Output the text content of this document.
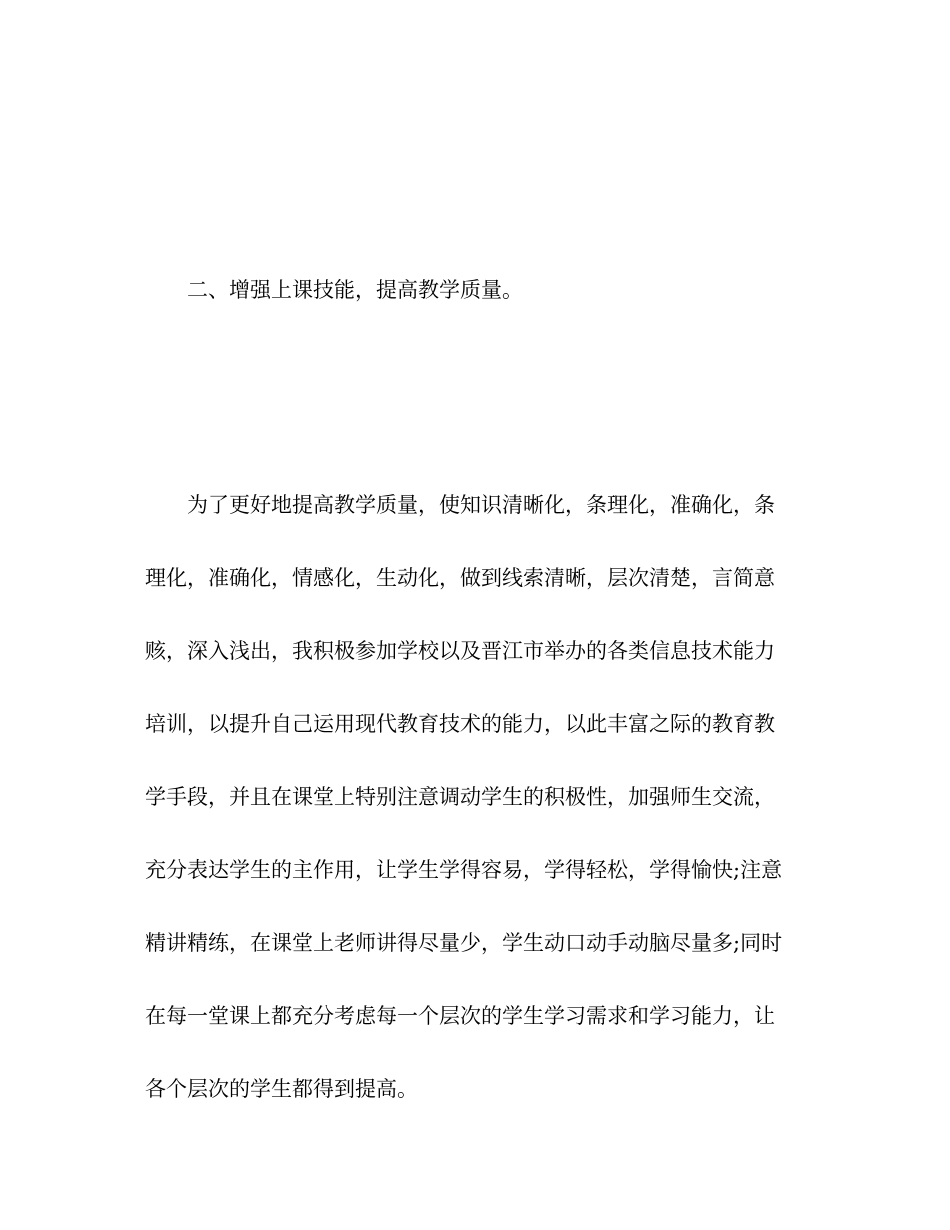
二、增强上课技能，提高教学质量。
为了更好地提高教学质量，使知识清晰化，条理化，准确化，条
理化，准确化，情感化，生动化，做到线索清晰，层次清楚，言简意
赅，深入浅出，我积极参加学校以及晋江市举办的各类信息技术能力
培训，以提升自己运用现代教育技术的能力，以此丰富之际的教育教
学手段，并且在课堂上特别注意调动学生的积极性，加强师生交流，
充分表达学生的主作用，让学生学得容易，学得轻松，学得愉快;注意
精讲精练，在课堂上老师讲得尽量少，学生动口动手动脑尽量多;同时
在每一堂课上都充分考虑每一个层次的学生学习需求和学习能力，让
各个层次的学生都得到提高。
